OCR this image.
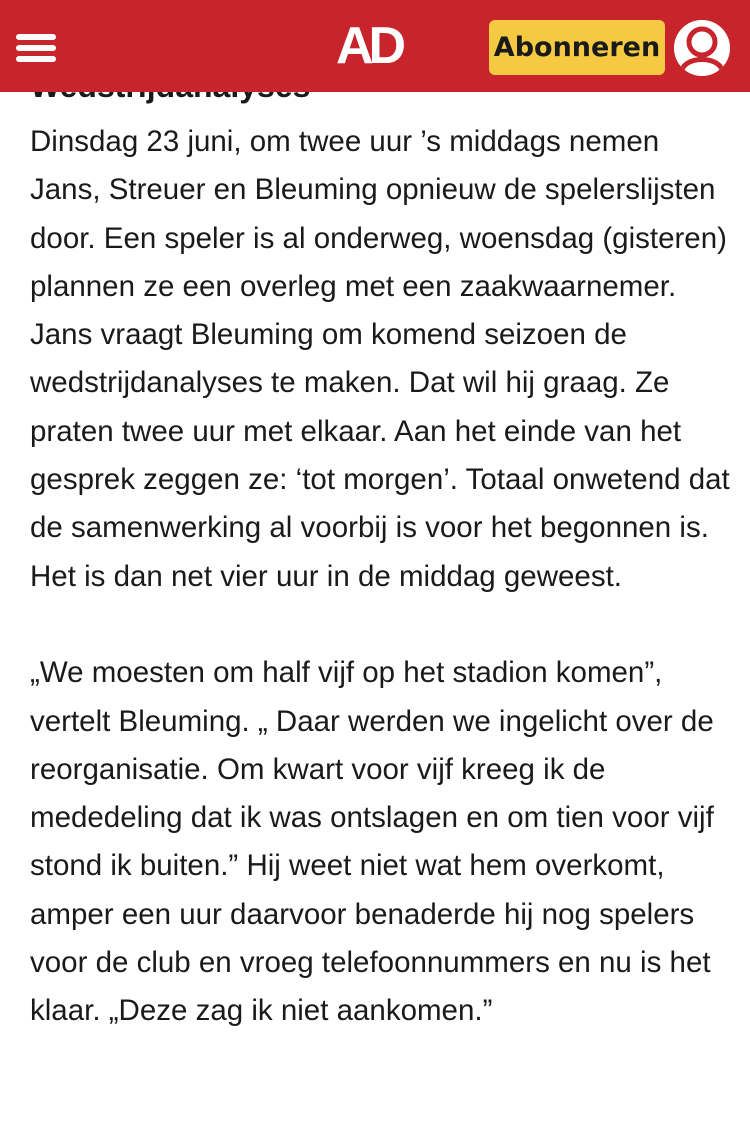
AD	Abonneren

Dinsdag 23 juni, om twee uur ’s middags nemen Jans, Streuer en Bleuming opnieuw de spelerslijsten door. Een speler is al onderweg, woensdag (gisteren) plannen ze een overleg met een zaakwaarnemer. Jans vraagt Bleuming om komend seizoen de wedstrijdanalyses te maken. Dat wil hij graag. Ze praten twee uur met elkaar. Aan het einde van het gesprek zeggen ze: ‘tot morgen’. Totaal onwetend dat de samenwerking al voorbij is voor het begonnen is. Het is dan net vier uur in de middag geweest.

„We moesten om half vijf op het stadion komen”, vertelt Bleuming. „ Daar werden we ingelicht over de reorganisatie. Om kwart voor vijf kreeg ik de mededeling dat ik was ontslagen en om tien voor vijf stond ik buiten.” Hij weet niet wat hem overkomt, amper een uur daarvoor benaderde hij nog spelers voor de club en vroeg telefoonnummers en nu is het klaar. „Deze zag ik niet aankomen.”
